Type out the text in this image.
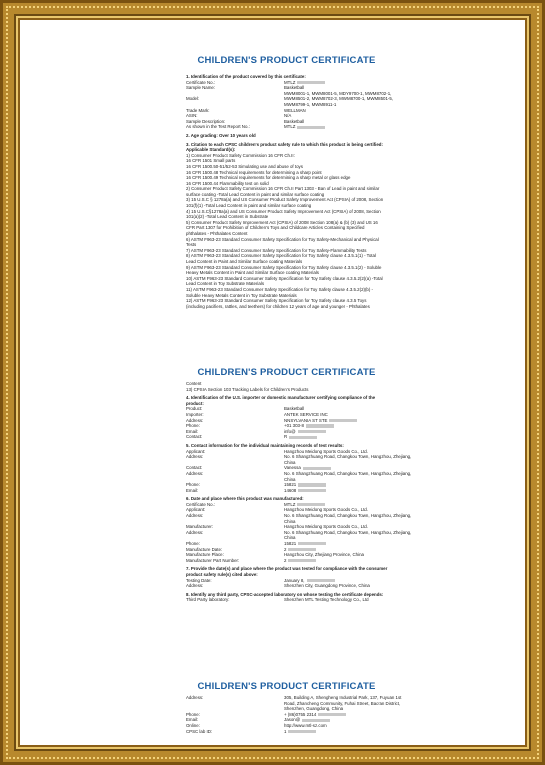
CHILDREN'S PRODUCT CERTIFICATE
CHILDREN'S PRODUCT CERTIFICATE
CHILDREN'S PRODUCT CERTIFICATE
1. Identification of the product covered by this certificate:
Certificate No.:	MTLZ
Sample Name:	Basketball
MWM8001-1, MWM8001-5, MDY9700-1, MWM8702-1,
Model:	MWM8501-2, MWM8702-3, MWM8700-1, MWM8501-5,
MWM8799-1, MWM8911-1
Trade Mark:	WELLMAN
ASIN:	N/A
Sample Description:	Basketball
As shown in the Test Report No.:	MTLZ
2. Age grading: Over 10 years old
3. Citation to each CPSC children's product safety rule to which this product is being certified:
Applicable Standard(s):
1) Consumer Product Safety Commission 16 CFR Ch.II:
16 CFR 1501 Small parts
16 CFR 1500.50-51/52-53 Simulating use and abuse of toys
16 CFR 1500.48 Technical requirements for determining a sharp point
16 CFR 1500.49 Technical requirements for determining a sharp metal or glass edge
16 CFR 1500.44 Flammability test on solid
2) Consumer Product Safety Commission 16 CFR Ch.II Part 1303 - Ban of Lead in paint and similar
surface coating -Total Lead Content in paint and similar surface coating
3) 15 U.S.C § 1278a(a) and US Consumer Product Safety Improvement Act (CPSIA) of 2008, Section
101(f)(1) -Total Lead Content in paint and similar surface coating
4) 15 U.S.C§1278a(a) and US Consumer Product Safety Improvement Act (CPSIA) of 2008, Section
101(a)(2) -Total Lead Content in Substrate
5) Consumer Product Safety Improvement Act (CPSIA) of 2008 Section 108(a) & (b) (3) and US 16
CFR Part 1307 for Prohibition of Children’s Toys and Childcare Articles Containing Specified
phthalates - Phthalates Content
6) ASTM F963-23 Standard Consumer Safety Specification for Toy Safety-Mechanical and Physical
Tests
7) ASTM F963-23 Standard Consumer Safety Specification for Toy Safety-Flammability Tests
8) ASTM F963-23 Standard Consumer Safety Specification for Toy Safety clause 4.3.5.1(1) - Total
Lead Content in Paint and Similar Surface coating Materials
9) ASTM F963-23 Standard Consumer Safety Specification for Toy Safety clause 4.3.5.1(2) - Soluble
Heavy Metals Content in Paint and Similar Surface coating Materials
10) ASTM F963-23 Standard Consumer Safety Specification for Toy Safety clause 4.3.5.2(2)(a) -Total
Lead Content in Toy Substrate Materials
11) ASTM F963-23 Standard Consumer Safety Specification for Toy Safety clause 4.3.5.2(2)(b) -
Soluble Heavy Metals Content in Toy Substrate Materials
12) ASTM F963-23 Standard Consumer Safety Specification for Toy Safety clause 4.3.5 Toys
(including pacifiers, rattles, and teethers) for children 12 years of age and younger - Phthalates
Content
13) CPSIA Section 103 Tracking Labels for Children’s Products
4. Identification of the U.S. importer or domestic manufacturer certifying compliance of the
product:
Product:	Basketball
Importer:	ANTEK SERVICE INC
Address:	NNSYLVANIA ST STE
Phone:	+01 303-8
Email:	info@
Contact:	R
5. Contact information for the individual maintaining records of test results:
Applicant:	Hangzhou Meidong Sports Goods Co., Ltd.
Address:	No. 6 Shangzhuang Road, Changkou Town, Hangzhou, Zhejiang,
China
Contact:	Vanessa
Address:	No. 6 Shangzhuang Road, Changkou Town, Hangzhou, Zhejiang,
China
Phone:	15821
Email:	14608
6. Date and place where this product was manufactured:
Certificate No.:	MTLZ
Applicant:	Hangzhou Meidong Sports Goods Co., Ltd.
Address:	No. 6 Shangzhuang Road, Changkou Town, Hangzhou, Zhejiang,
China
Manufacturer:	Hangzhou Meidong Sports Goods Co., Ltd.
Address:	No. 6 Shangzhuang Road, Changkou Town, Hangzhou, Zhejiang,
China
Phone:	15821
Manufacture Date:	2
Manufacture Place:	Hangzhou City, Zhejiang Province, China
Manufacturer Part Number:	2
7. Provide the date(s) and place where the product was tested for compliance with the consumer
product safety rule(s) cited above:
Testing Date:	January 8,
Address:	Shenzhen City, Guangdong Province, China
8. Identify any third party, CPSC-accepted laboratory on whose testing the certificate depends:
Third Party laboratory:	Shenzhen MTL Testing Technology Co., Ltd
Address:	305, Building A, Shengheng Industrial Park, 137, Fuyuan 1st
Road, Zhancheng Community, Fuhai Street, Bao'an District,
Shenzhen, Guangdong, China
Phone:	+ (86)0755 2314
Email:	Jason@
Online:	http://www.mtl-sz.com
CPSC lab ID:	1
